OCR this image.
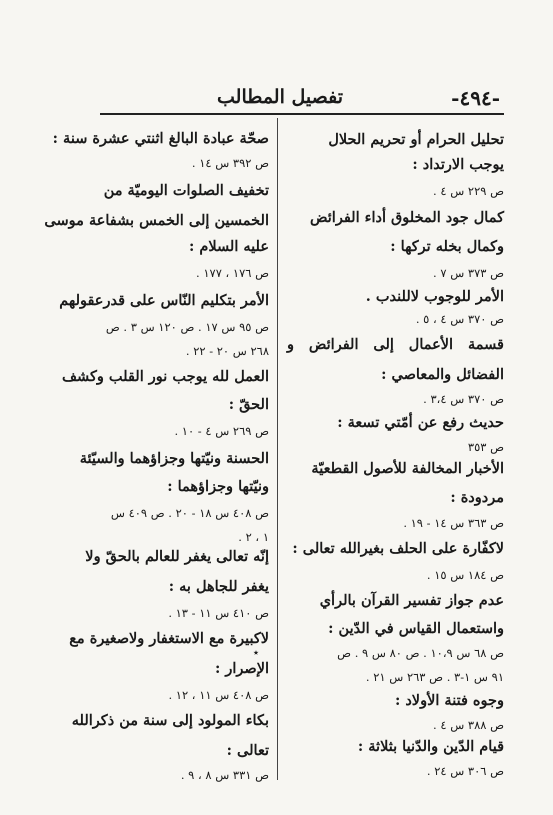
-٤٩٤-
تفصيل المطالب
٭
تحليل الحرام أو تحريم الحلال
يوجب الارتداد :
ص ٢٢٩ س ٤ .
كمال جود المخلوق أداء الفرائض
وكمال بخله تركها :
ص ٣٧٣ س ٧ .
الأمر للوجوب لاللندب .
ص ٣٧٠ س ٤ ، ٥ .
قسمة الأعمال إلى الفرائض و
الفضائل والمعاصي :
ص ٣٧٠ س ٣،٤ .
حديث رفع عن أمّتي تسعة :
ص ٣٥٣
الأخبار المخالفة للأصول القطعيّة
مردودة :
ص ٣٦٣ س ١٤ - ١٩ .
لاكفّارة على الحلف بغيرالله تعالى :
ص ١٨٤ س ١٥ .
عدم جواز تفسير القرآن بالرأي
واستعمال القياس في الدّين :
ص ٦٨ س ١٠،٩ . ص ٨٠ س ٩ . ص
٩١ س ١-٣ . ص ٢٦٣ س ٢١ .
وجوه فتنة الأولاد :
ص ٣٨٨ س ٤ .
قيام الدّين والدّنيا بثلاثة :
ص ٣٠٦ س ٢٤ .
صحّة عبادة البالغ اثنتي عشرة سنة :
ص ٣٩٢ س ١٤ .
تخفيف الصلوات اليوميّة من
الخمسين إلى الخمس بشفاعة موسى
عليه السلام :
ص ١٧٦ ، ١٧٧ .
الأمر بتكليم النّاس على قدرعقولهم
ص ٩٥ س ١٧ . ص ١٢٠ س ٣ . ص
٢٦٨ س ٢٠ - ٢٢ .
العمل لله يوجب نور القلب وكشف
الحقّ :
ص ٢٦٩ س ٤ - ١٠ .
الحسنة ونيّتها وجزاؤهما والسيّئة
ونيّتها وجزاؤهما :
ص ٤٠٨ س ١٨ - ٢٠ . ص ٤٠٩ س
١ ، ٢ .
إنّه تعالى يغفر للعالم بالحقّ ولا
يغفر للجاهل به :
ص ٤١٠ س ١١ - ١٣ .
لاكبيرة مع الاستغفار ولاصغيرة مع
الإصرار :
ص ٤٠٨ س ١١ ، ١٢ .
بكاء المولود إلى سنة من ذكرالله
تعالى :
ص ٣٣١ س ٨ ، ٩ .
